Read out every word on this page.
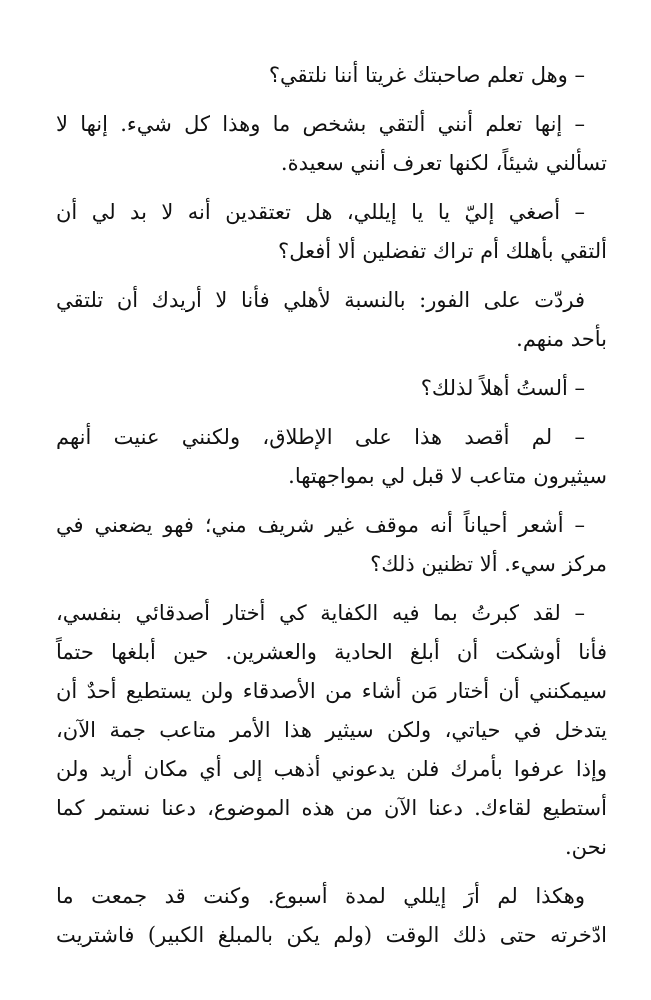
– وهل تعلم صاحبتك غريتا أننا نلتقي؟

– إنها تعلم أنني ألتقي بشخص ما وهذا كل شيء. إنها لا
تسألني شيئاً، لكنها تعرف أنني سعيدة.

– أصغي إليّ يا يا إيللي، هل تعتقدين أنه لا بد لي أن
ألتقي بأهلك أم تراك تفضلين ألا أفعل؟

فردّت على الفور: بالنسبة لأهلي فأنا لا أريدك أن تلتقي
بأحد منهم.

– ألستُ أهلاً لذلك؟

– لم أقصد هذا على الإطلاق، ولكنني عنيت أنهم
سيثيرون متاعب لا قبل لي بمواجهتها.

– أشعر أحياناً أنه موقف غير شريف مني؛ فهو يضعني في
مركز سيء. ألا تظنين ذلك؟

– لقد كبرتُ بما فيه الكفاية كي أختار أصدقائي بنفسي،
فأنا أوشكت أن أبلغ الحادية والعشرين. حين أبلغها حتماً
سيمكنني أن أختار مَن أشاء من الأصدقاء ولن يستطيع أحدٌ أن
يتدخل في حياتي، ولكن سيثير هذا الأمر متاعب جمة الآن،
وإذا عرفوا بأمرك فلن يدعوني أذهب إلى أي مكان أريد ولن
أستطيع لقاءك. دعنا الآن من هذه الموضوع، دعنا نستمر كما
نحن.

وهكذا لم أرَ إيللي لمدة أسبوع. وكنت قد جمعت ما
ادّخرته حتى ذلك الوقت (ولم يكن بالمبلغ الكبير) فاشتريت
